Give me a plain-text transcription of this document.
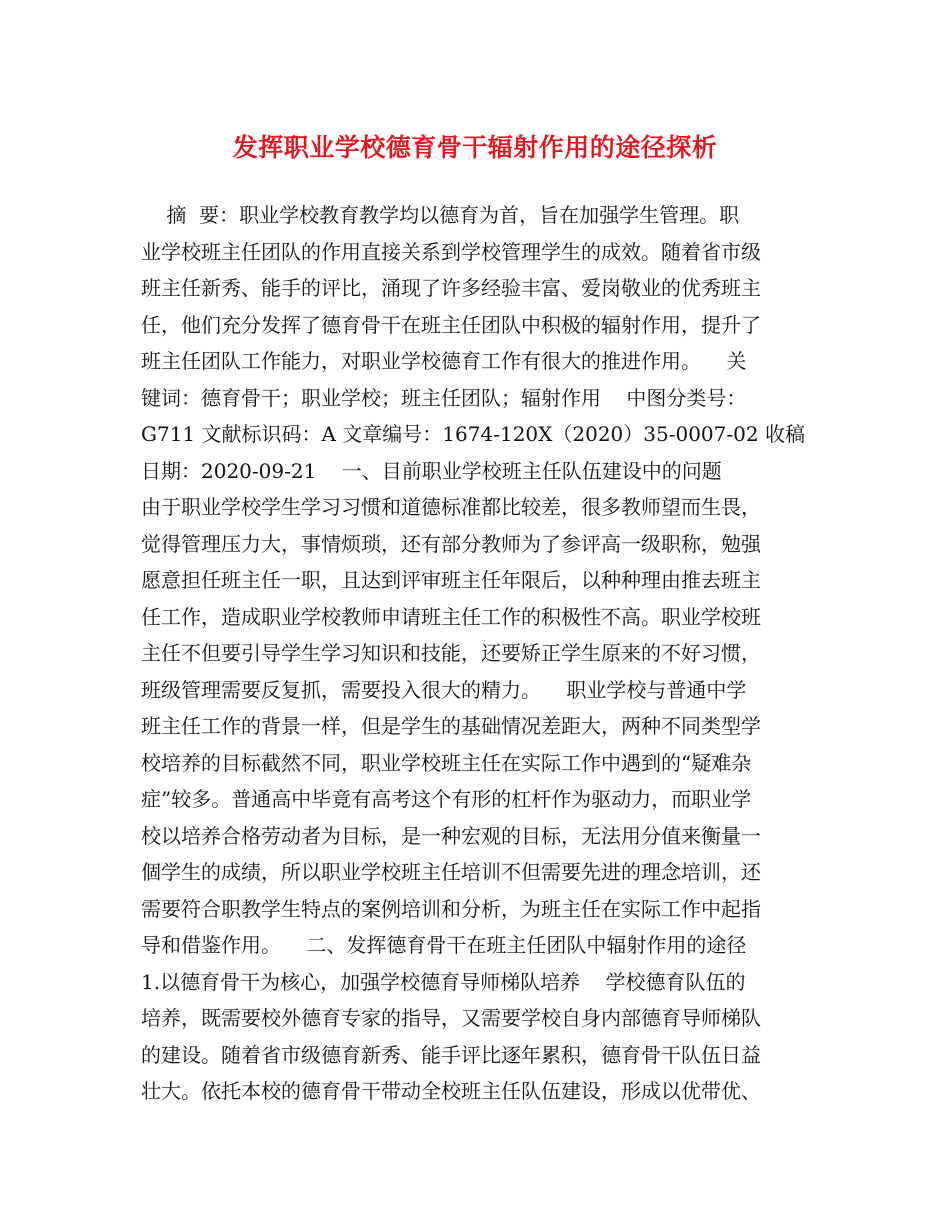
发挥职业学校德育骨干辐射作用的途径探析
摘  要：职业学校教育教学均以德育为首，旨在加强学生管理。职
业学校班主任团队的作用直接关系到学校管理学生的成效。随着省市级
班主任新秀、能手的评比，涌现了许多经验丰富、爱岗敬业的优秀班主
任，他们充分发挥了德育骨干在班主任团队中积极的辐射作用，提升了
班主任团队工作能力，对职业学校德育工作有很大的推进作用。    关
键词：德育骨干；职业学校；班主任团队；辐射作用    中图分类号：
G711 文献标识码：A 文章编号：1674-120X（2020）35-0007-02 收稿
日期：2020-09-21    一、目前职业学校班主任队伍建设中的问题
由于职业学校学生学习习惯和道德标准都比较差，很多教师望而生畏，
觉得管理压力大，事情烦琐，还有部分教师为了参评高一级职称，勉强
愿意担任班主任一职，且达到评审班主任年限后，以种种理由推去班主
任工作，造成职业学校教师申请班主任工作的积极性不高。职业学校班
主任不但要引导学生学习知识和技能，还要矫正学生原来的不好习惯，
班级管理需要反复抓，需要投入很大的精力。    职业学校与普通中学
班主任工作的背景一样，但是学生的基础情况差距大，两种不同类型学
校培养的目标截然不同，职业学校班主任在实际工作中遇到的“疑难杂
症”较多。普通高中毕竟有高考这个有形的杠杆作为驱动力，而职业学
校以培养合格劳动者为目标，是一种宏观的目标，无法用分值来衡量一
個学生的成绩，所以职业学校班主任培训不但需要先进的理念培训，还
需要符合职教学生特点的案例培训和分析，为班主任在实际工作中起指
导和借鉴作用。    二、发挥德育骨干在班主任团队中辐射作用的途径
1.以德育骨干为核心，加强学校德育导师梯队培养    学校德育队伍的
培养，既需要校外德育专家的指导，又需要学校自身内部德育导师梯队
的建设。随着省市级德育新秀、能手评比逐年累积，德育骨干队伍日益
壮大。依托本校的德育骨干带动全校班主任队伍建设，形成以优带优、
